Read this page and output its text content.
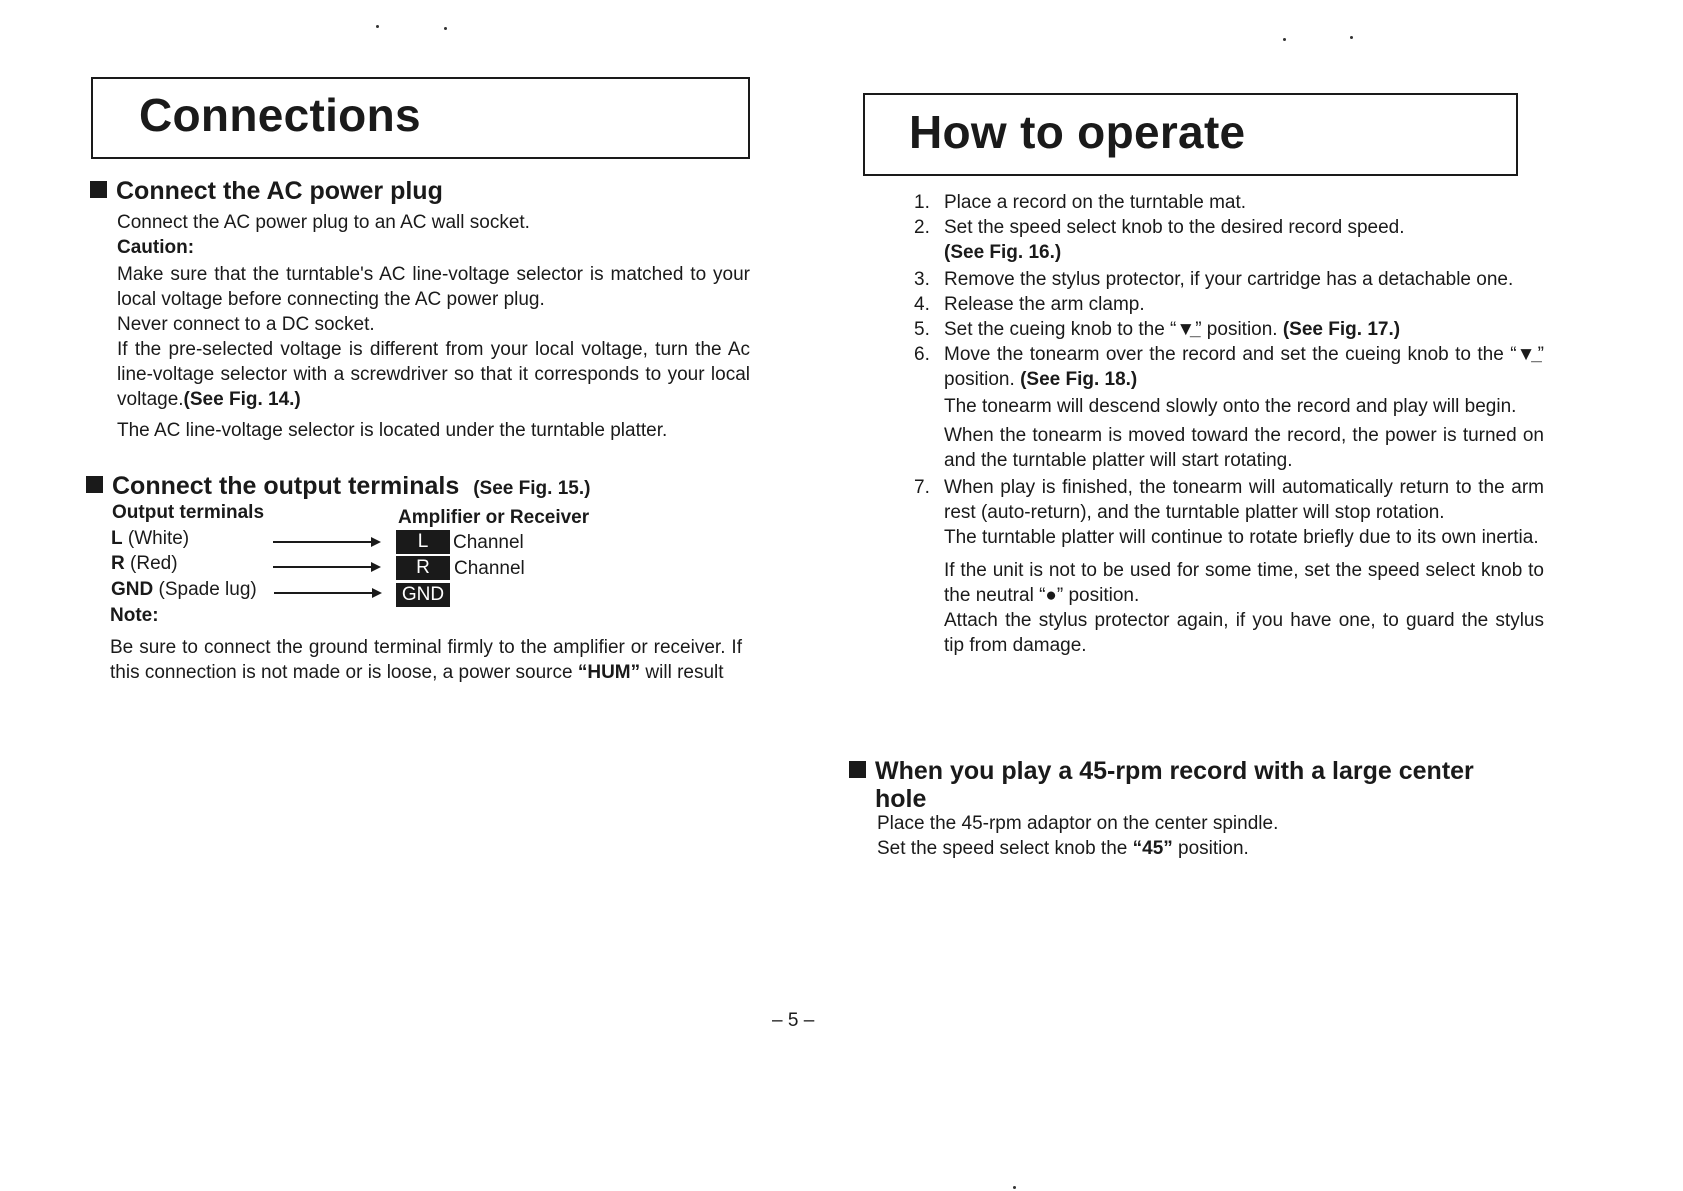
Connections
Connect the AC power plug
Connect the AC power plug to an AC wall socket.
Caution:
Make sure that the turntable's AC line-voltage selector is matched to your local voltage before connecting the AC power plug.
Never connect to a DC socket.
If the pre-selected voltage is different from your local voltage, turn the Ac line-voltage selector with a screwdriver so that it corresponds to your local voltage.(See Fig. 14.)
The AC line-voltage selector is located under the turntable platter.
Connect the output terminals (See Fig. 15.)
Output terminals	Amplifier or Receiver
L (White)	L	Channel
R (Red)	R	Channel
GND (Spade lug)	GND
Note:
Be sure to connect the ground terminal firmly to the amplifier or receiver. If this connection is not made or is loose, a power source “HUM” will result
How to operate
1. Place a record on the turntable mat.
2. Set the speed select knob to the desired record speed.
(See Fig. 16.)
3. Remove the stylus protector, if your cartridge has a detachable one.
4. Release the arm clamp.
5. Set the cueing knob to the “▼̲” position. (See Fig. 17.)
6. Move the tonearm over the record and set the cueing knob to the “▼̲” position. (See Fig. 18.)
The tonearm will descend slowly onto the record and play will begin.
When the tonearm is moved toward the record, the power is turned on and the turntable platter will start rotating.
7. When play is finished, the tonearm will automatically return to the arm rest (auto-return), and the turntable platter will stop rotation.
The turntable platter will continue to rotate briefly due to its own inertia.
If the unit is not to be used for some time, set the speed select knob to the neutral “●” position.
Attach the stylus protector again, if you have one, to guard the stylus tip from damage.
When you play a 45-rpm record with a large center
hole
Place the 45-rpm adaptor on the center spindle.
Set the speed select knob the “45” position.
– 5 –
